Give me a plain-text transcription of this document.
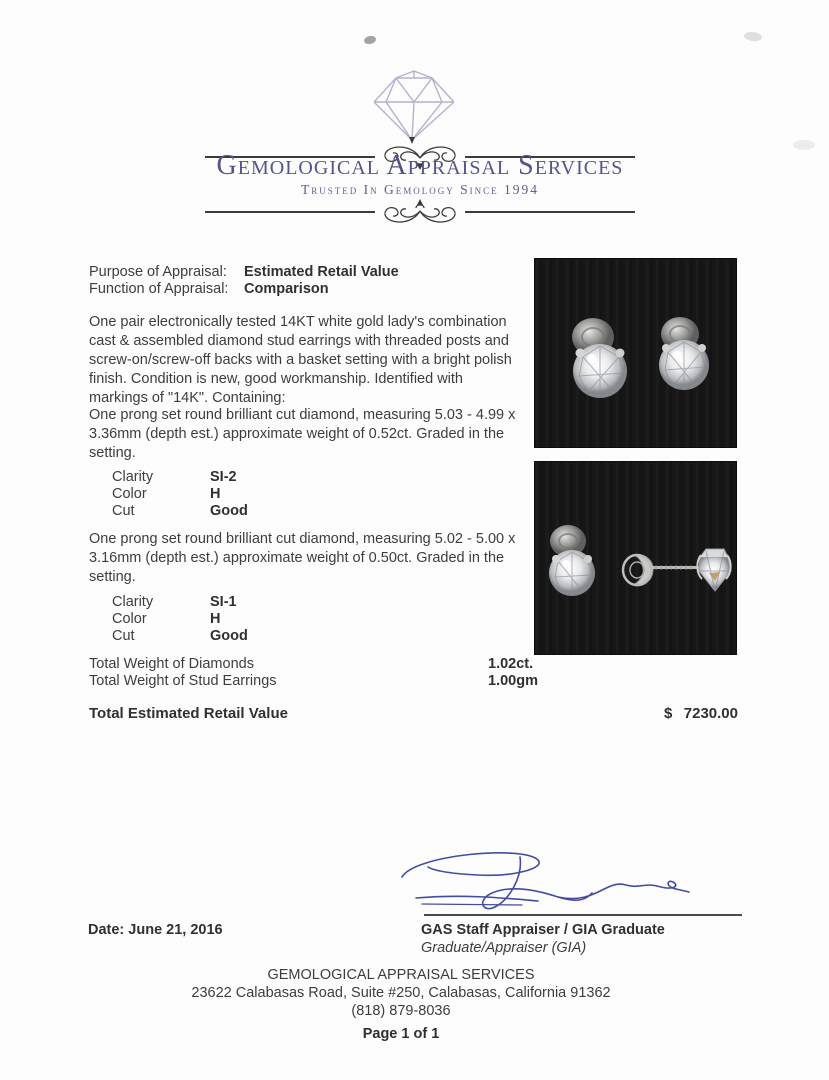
Gemological Appraisal Services
Trusted In Gemology Since 1994
Purpose of Appraisal: Estimated Retail Value
Function of Appraisal: Comparison
One pair electronically tested 14KT white gold lady's combination cast & assembled diamond stud earrings with threaded posts and screw-on/screw-off backs with a basket setting with a bright polish finish. Condition is new, good workmanship. Identified with markings of "14K". Containing:
One prong set round brilliant cut diamond, measuring 5.03 - 4.99 x 3.36mm (depth est.) approximate weight of 0.52ct. Graded in the setting.
Clarity	SI-2
Color	H
Cut	Good
One prong set round brilliant cut diamond, measuring 5.02 - 5.00 x 3.16mm (depth est.) approximate weight of 0.50ct. Graded in the setting.
Clarity	SI-1
Color	H
Cut	Good
Total Weight of Diamonds	1.02ct.
Total Weight of Stud Earrings	1.00gm
Total Estimated Retail Value	$ 7230.00
Date: June 21, 2016	GAS Staff Appraiser / GIA Graduate
Graduate/Appraiser (GIA)
GEMOLOGICAL APPRAISAL SERVICES
23622 Calabasas Road, Suite #250, Calabasas, California 91362
(818) 879-8036
Page 1 of 1
